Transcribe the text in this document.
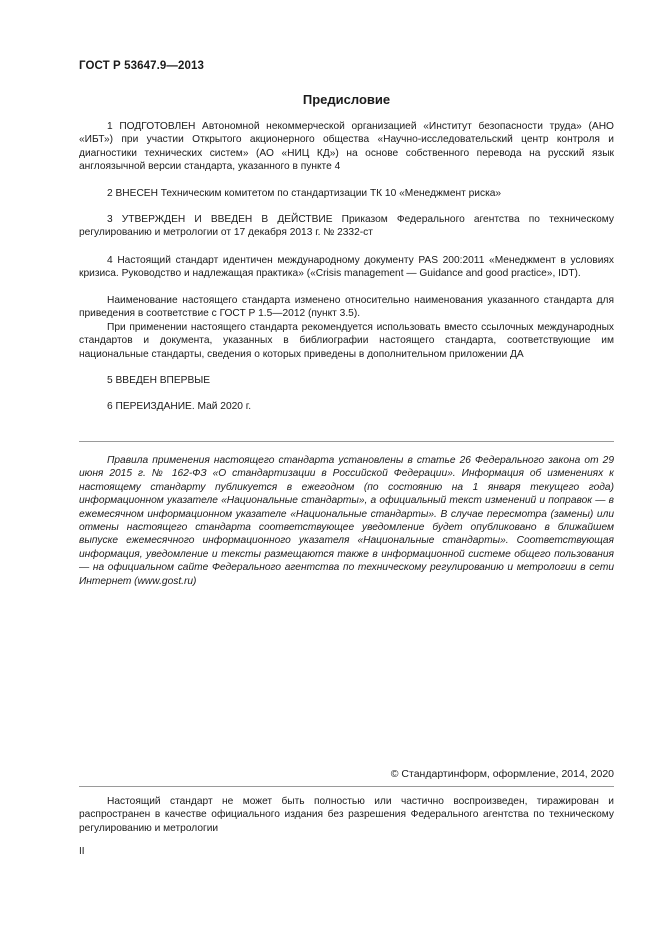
ГОСТ Р 53647.9—2013
Предисловие

1 ПОДГОТОВЛЕН Автономной некоммерческой организацией «Институт безопасности труда» (АНО «ИБТ») при участии Открытого акционерного общества «Научно-исследовательский центр контроля и диагностики технических систем» (АО «НИЦ КД») на основе собственного перевода на русский язык англоязычной версии стандарта, указанного в пункте 4

2 ВНЕСЕН Техническим комитетом по стандартизации ТК 10 «Менеджмент риска»

3 УТВЕРЖДЕН И ВВЕДЕН В ДЕЙСТВИЕ Приказом Федерального агентства по техническому регулированию и метрологии от 17 декабря 2013 г. № 2332-ст

4 Настоящий стандарт идентичен международному документу PAS 200:2011 «Менеджмент в условиях кризиса. Руководство и надлежащая практика» («Crisis management — Guidance and good practice», IDT).

Наименование настоящего стандарта изменено относительно наименования указанного стандарта для приведения в соответствие с ГОСТ Р 1.5—2012 (пункт 3.5).

При применении настоящего стандарта рекомендуется использовать вместо ссылочных международных стандартов и документа, указанных в библиографии настоящего стандарта, соответствующие им национальные стандарты, сведения о которых приведены в дополнительном приложении ДА

5 ВВЕДЕН ВПЕРВЫЕ

6 ПЕРЕИЗДАНИЕ. Май 2020 г.

Правила применения настоящего стандарта установлены в статье 26 Федерального закона от 29 июня 2015 г. № 162-ФЗ «О стандартизации в Российской Федерации». Информация об изменениях к настоящему стандарту публикуется в ежегодном (по состоянию на 1 января текущего года) информационном указателе «Национальные стандарты», а официальный текст изменений и поправок — в ежемесячном информационном указателе «Национальные стандарты». В случае пересмотра (замены) или отмены настоящего стандарта соответствующее уведомление будет опубликовано в ближайшем выпуске ежемесячного информационного указателя «Национальные стандарты». Соответствующая информация, уведомление и тексты размещаются также в информационной системе общего пользования — на официальном сайте Федерального агентства по техническому регулированию и метрологии в сети Интернет (www.gost.ru)

© Стандартинформ, оформление, 2014, 2020

Настоящий стандарт не может быть полностью или частично воспроизведен, тиражирован и распространен в качестве официального издания без разрешения Федерального агентства по техническому регулированию и метрологии

II
